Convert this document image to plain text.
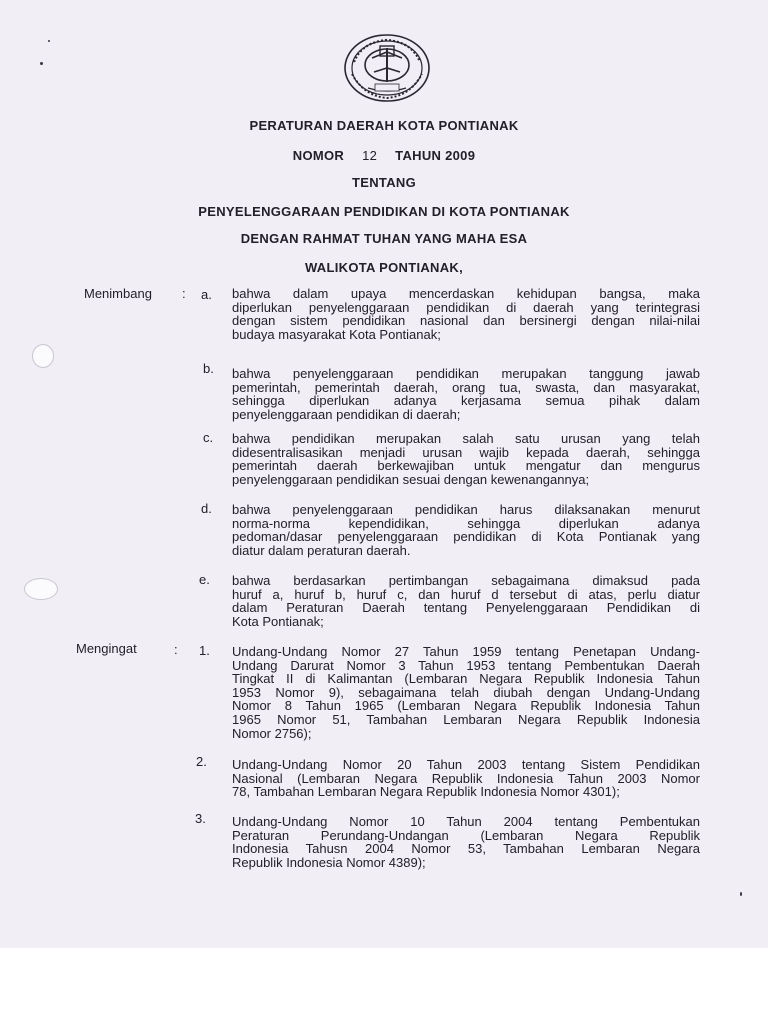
PERATURAN DAERAH KOTA PONTIANAK
NOMOR 12 TAHUN 2009
TENTANG
PENYELENGGARAAN PENDIDIKAN DI KOTA PONTIANAK
DENGAN RAHMAT TUHAN YANG MAHA ESA
WALIKOTA PONTIANAK,
Menimbang : a. bahwa dalam upaya mencerdaskan kehidupan bangsa, maka
diperlukan penyelenggaraan pendidikan di daerah yang terintegrasi
dengan sistem pendidikan nasional dan bersinergi dengan nilai-nilai
budaya masyarakat Kota Pontianak;
b. bahwa penyelenggaraan pendidikan merupakan tanggung jawab
pemerintah, pemerintah daerah, orang tua, swasta, dan masyarakat,
sehingga diperlukan adanya kerjasama semua pihak dalam
penyelenggaraan pendidikan di daerah;
c. bahwa pendidikan merupakan salah satu urusan yang telah
didesentralisasikan menjadi urusan wajib kepada daerah, sehingga
pemerintah daerah berkewajiban untuk mengatur dan mengurus
penyelenggaraan pendidikan sesuai dengan kewenangannya;
d. bahwa penyelenggaraan pendidikan harus dilaksanakan menurut
norma-norma kependidikan, sehingga diperlukan adanya
pedoman/dasar penyelenggaraan pendidikan di Kota Pontianak yang
diatur dalam peraturan daerah.
e. bahwa berdasarkan pertimbangan sebagaimana dimaksud pada
huruf a, huruf b, huruf c, dan huruf d tersebut di atas, perlu diatur
dalam Peraturan Daerah tentang Penyelenggaraan Pendidikan di
Kota Pontianak;
Mengingat	: 1. Undang-Undang Nomor 27 Tahun 1959 tentang Penetapan Undang-
Undang Darurat Nomor 3 Tahun 1953 tentang Pembentukan Daerah
Tingkat II di Kalimantan (Lembaran Negara Republik Indonesia Tahun
1953 Nomor 9), sebagaimana telah diubah dengan Undang-Undang
Nomor 8 Tahun 1965 (Lembaran Negara Republik Indonesia Tahun
1965 Nomor 51, Tambahan Lembaran Negara Republik Indonesia
Nomor 2756);
2. Undang-Undang Nomor 20 Tahun 2003 tentang Sistem Pendidikan
Nasional (Lembaran Negara Republik Indonesia Tahun 2003 Nomor
78, Tambahan Lembaran Negara Republik Indonesia Nomor 4301);
3. Undang-Undang Nomor 10 Tahun 2004 tentang Pembentukan
Peraturan Perundang-Undangan (Lembaran Negara Republik
Indonesia Tahusn 2004 Nomor 53, Tambahan Lembaran Negara
Republik Indonesia Nomor 4389);
